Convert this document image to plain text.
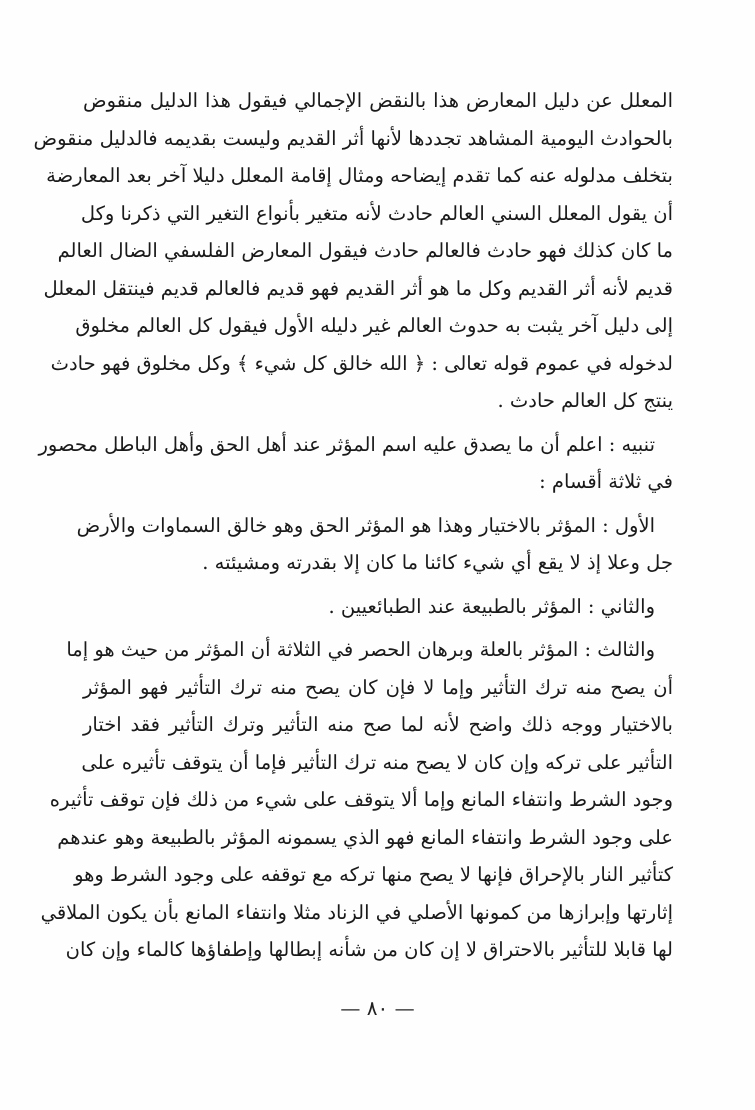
المعلل عن دليل المعارض هذا بالنقض الإجمالي فيقول هذا الدليل منقوض
بالحوادث اليومية المشاهد تجددها لأنها أثر القديم وليست بقديمه فالدليل منقوض
بتخلف مدلوله عنه كما تقدم إيضاحه ومثال إقامة المعلل دليلا آخر بعد المعارضة
أن يقول المعلل السني العالم حادث لأنه متغير بأنواع التغير التي ذكرنا وكل
ما كان كذلك فهو حادث فالعالم حادث فيقول المعارض الفلسفي الضال العالم
قديم لأنه أثر القديم وكل ما هو أثر القديم فهو قديم فالعالم قديم فينتقل المعلل
إلى دليل آخر يثبت به حدوث العالم غير دليله الأول فيقول كل العالم مخلوق
لدخوله في عموم قوله تعالى : ﴿ الله خالق كل شيء ﴾ وكل مخلوق فهو حادث
ينتج كل العالم حادث .
تنبيه : اعلم أن ما يصدق عليه اسم المؤثر عند أهل الحق وأهل الباطل محصور
في ثلاثة أقسام :
الأول : المؤثر بالاختيار وهذا هو المؤثر الحق وهو خالق السماوات والأرض
جل وعلا إذ لا يقع أي شيء كائنا ما كان إلا بقدرته ومشيئته .
والثاني : المؤثر بالطبيعة عند الطبائعيين .
والثالث : المؤثر بالعلة وبرهان الحصر في الثلاثة أن المؤثر من حيث هو إما
أن يصح منه ترك التأثير وإما لا فإن كان يصح منه ترك التأثير فهو المؤثر
بالاختيار ووجه ذلك واضح لأنه لما صح منه التأثير وترك التأثير فقد اختار
التأثير على تركه وإن كان لا يصح منه ترك التأثير فإما أن يتوقف تأثيره على
وجود الشرط وانتفاء المانع وإما ألا يتوقف على شيء من ذلك فإن توقف تأثيره
على وجود الشرط وانتفاء المانع فهو الذي يسمونه المؤثر بالطبيعة وهو عندهم
كتأثير النار بالإحراق فإنها لا يصح منها تركه مع توقفه على وجود الشرط وهو
إثارتها وإبرازها من كمونها الأصلي في الزناد مثلا وانتفاء المانع بأن يكون الملاقي
لها قابلا للتأثير بالاحتراق لا إن كان من شأنه إبطالها وإطفاؤها كالماء وإن كان
— ٨٠ —
